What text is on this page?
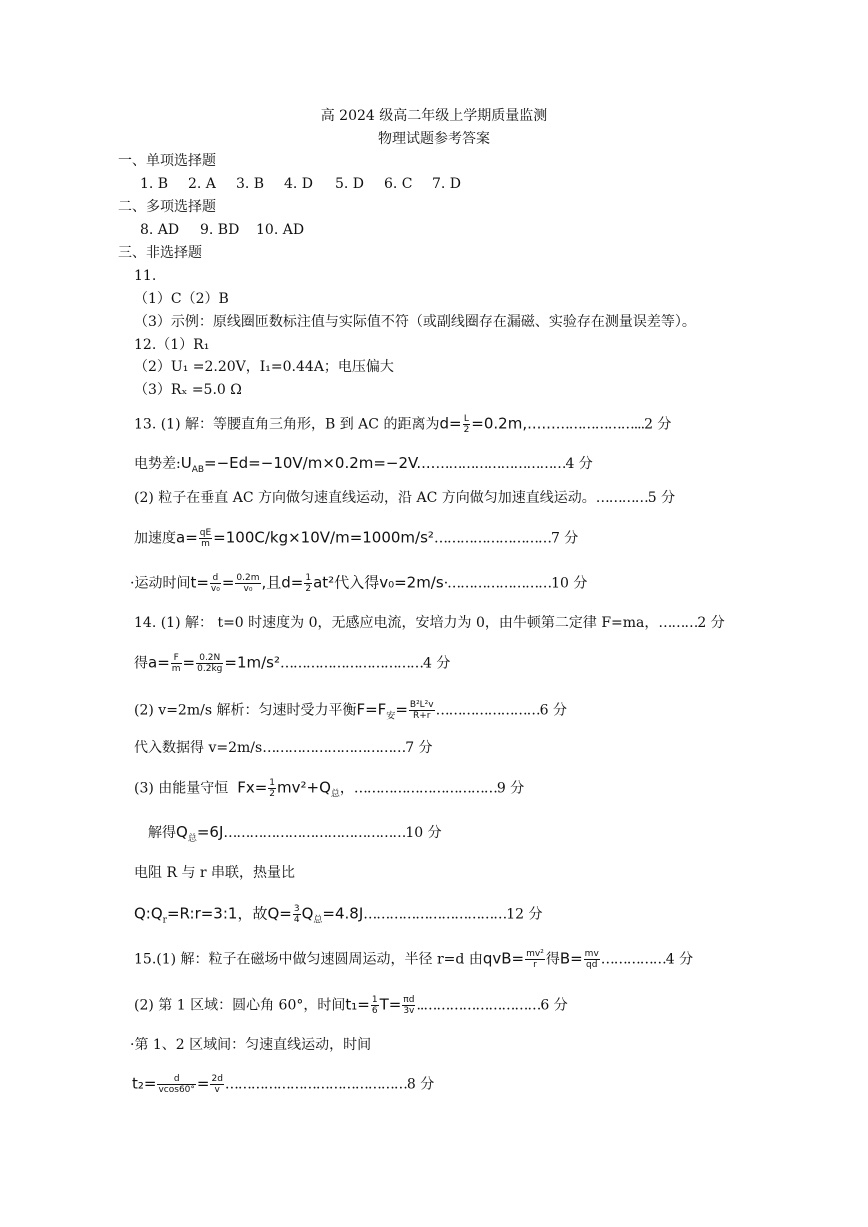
高 2024 级高二年级上学期质量监测
物理试题参考答案
一、单项选择题
1. B 2. A 3. B 4. D 5. D 6. C 7. D
二、多项选择题
8. AD 9. BD 10. AD
三、非选择题
11.
（1）C（2）B
（3）示例：原线圈匝数标注值与实际值不符（或副线圈存在漏磁、实验存在测量误差等）。
12.（1）R₁
（2）U₁ =2.20V，I₁=0.44A；电压偏大
（3）Rₓ =5.0 Ω
13. (1) 解：等腰直角三角形，B 到 AC 的距离为$d= \frac{L}{2}$ =0.2m,......………………...2 分
电势差$:U_{AB}=-Ed=-10V/m\times 0.2m=-2V....\dots\dots\dots\dots\dots\dots\dots\dots\dots\dots 4$ 分
(2) 粒子在垂直 AC 方向做匀速直线运动，沿 AC 方向做匀加速直线运动。…………5 分
加速度$a= \frac{qE}{m}$ =100C/kg×10V/m=1000m/s²………………………7 分
·运动时间$t= \frac{d}{\text{v₀}} = \frac{0.2m}{\text{v₀}}$ ,且$d= \frac{1}{2} at^2$代入得v₀=2m/s·……………………10 分
14. (1) 解： t=0 时速度为 0，无感应电流，安培力为 0，由牛顿第二定律 F=ma，………2 分
得$a= \frac{F}{m} = \frac{0.2N}{0.2kg}$ =1m/s²……………………………4 分
(2) v=2m/s 解析：匀速时受力平衡$F=F_安= \frac{\text{B²L²v}}{R+r}$ ……………………6 分
代入数据得 v=2m/s……………………………7 分
(3) 由能量守恒 $Fx= \frac{1}{2} mv^2+Q_总$，……………………………9 分
解得$Q_总=6J\dots\dots\dots\dots\dots\dots\dots\dots\dots\dots\dots\dots\dots\dots 10$ 分
电阻 R 与 r 串联，热量比
$Q:Q_r=R:r=3:1$，故$Q= \frac{3}{4}$ $Q_总=4.8J\dots\dots\dots\dots\dots\dots\dots\dots\dots\dots\dots 12$ 分
15.(1) 解：粒子在磁场中做匀速圆周运动，半径 r=d 由$qvB= \frac{\text{mv²}}{r}$ 得$B= \frac{mv}{qd}$ ……………4 分
(2) 第 1 区域：圆心角 60°，时间$t_1= \frac{1}{6} T= \frac{\pi d}{3v}$ ..………………………6 分
·第 1、2 区域间：匀速直线运动，时间
$t_2= \frac{d}{vcos60^\circ} = \frac{2d}{v}$ ……………………………………8 分
